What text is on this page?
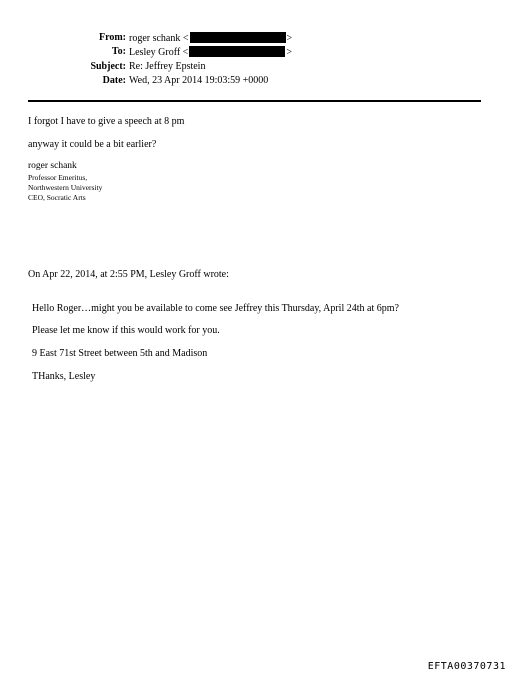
From: roger schank <	>
To: Lesley Groff <	>
Subject: Re: Jeffrey Epstein
Date: Wed, 23 Apr 2014 19:03:59 +0000
I forgot I have to give a speech at 8 pm
anyway it could be a bit earlier?
roger schank
Professor Emeritus,
Northwestern University
CEO, Socratic Arts
On Apr 22, 2014, at 2:55 PM, Lesley Groff wrote:
Hello Roger…might you be available to come see Jeffrey this Thursday, April 24th at 6pm?
Please let me know if this would work for you.
9 East 71st Street between 5th and Madison
THanks, Lesley
EFTA00370731
